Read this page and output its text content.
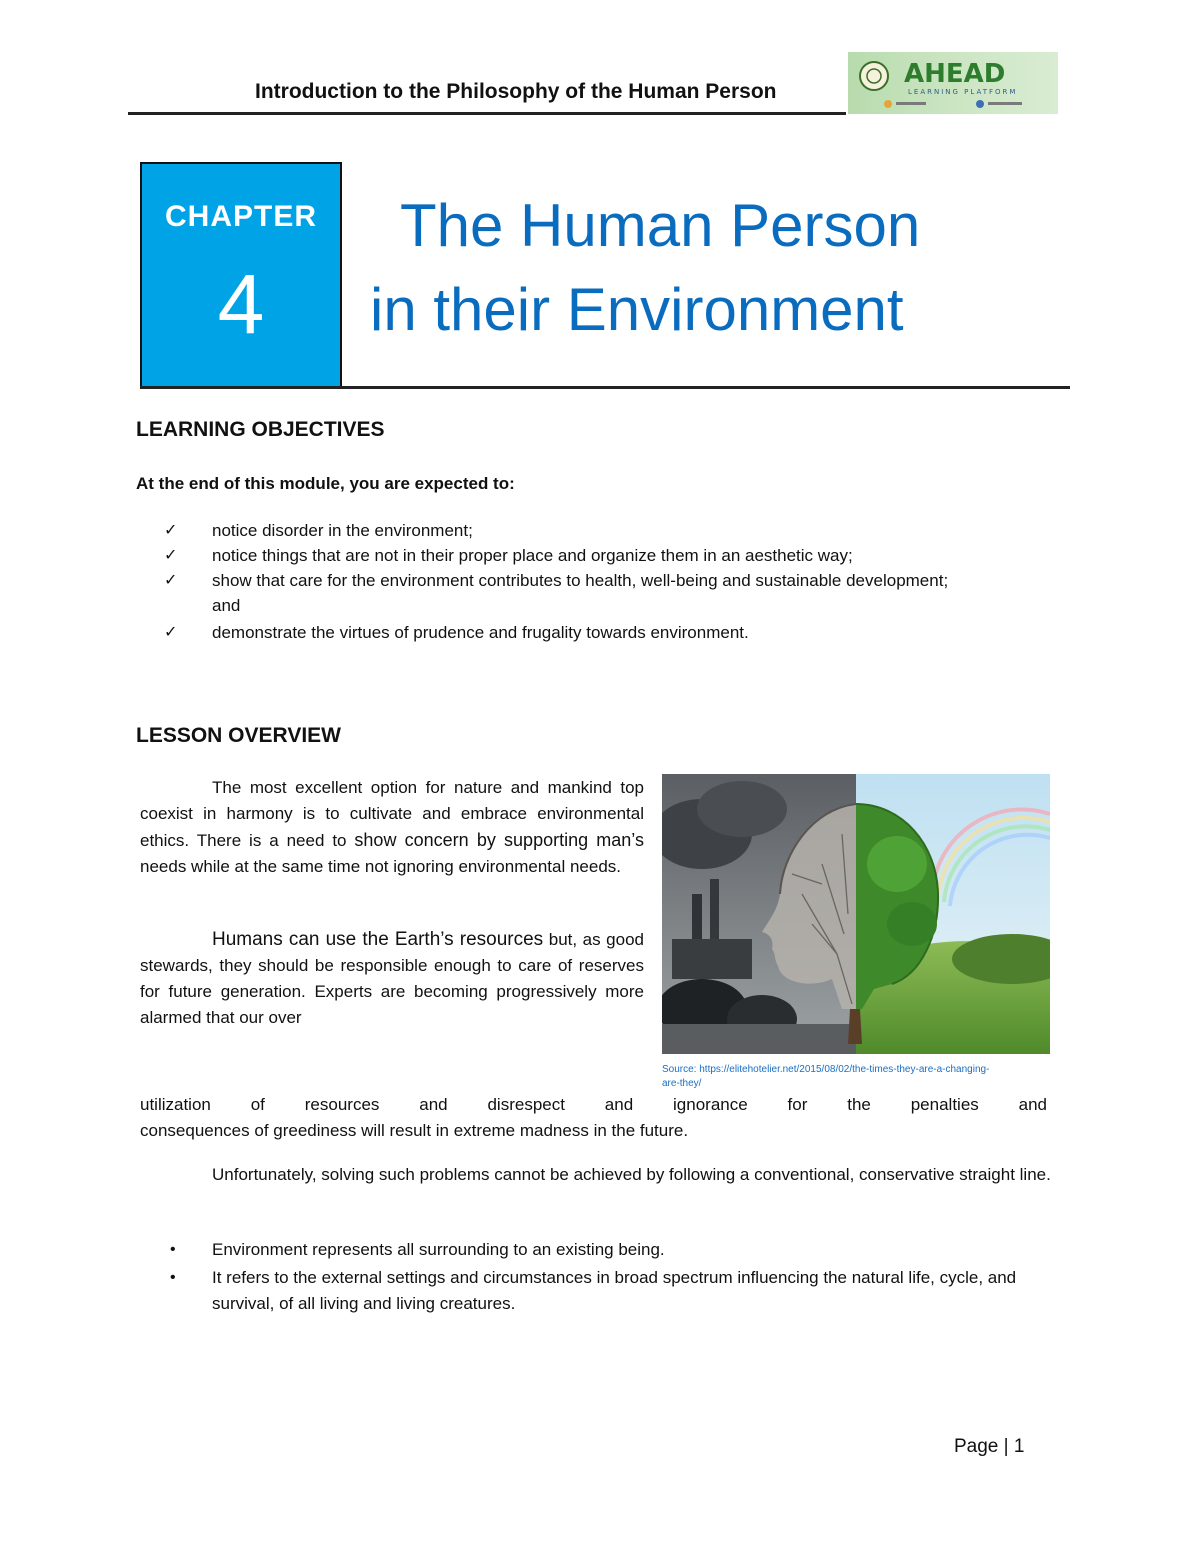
Introduction to the Philosophy of the Human Person
AHEAD
LEARNING PLATFORM
CHAPTER
4
The Human Person
in their Environment
LEARNING OBJECTIVES
At the end of this module, you are expected to:
✓	notice disorder in the environment;
✓	notice things that are not in their proper place and organize them in an aesthetic way;
✓	show that care for the environment contributes to health, well-being and sustainable development; and
✓	demonstrate the virtues of prudence and frugality towards environment.
LESSON OVERVIEW
The most excellent option for nature and mankind top coexist in harmony is to cultivate and embrace environmental ethics. There is a need to show concern by supporting man’s needs while at the same time not ignoring environmental needs.
Humans can use the Earth’s resources but, as good stewards, they should be responsible enough to care of reserves for future generation. Experts are becoming progressively more alarmed that our over
Source: https://elitehotelier.net/2015/08/02/the-times-they-are-a-changing-are-they/
utilization of resources and disrespect and ignorance for the penalties and
consequences of greediness will result in extreme madness in the future.
Unfortunately, solving such problems cannot be achieved by following a conventional, conservative straight line.
•	Environment represents all surrounding to an existing being.
•	It refers to the external settings and circumstances in broad spectrum influencing the natural life, cycle, and survival, of all living and living creatures.
Page | 1
